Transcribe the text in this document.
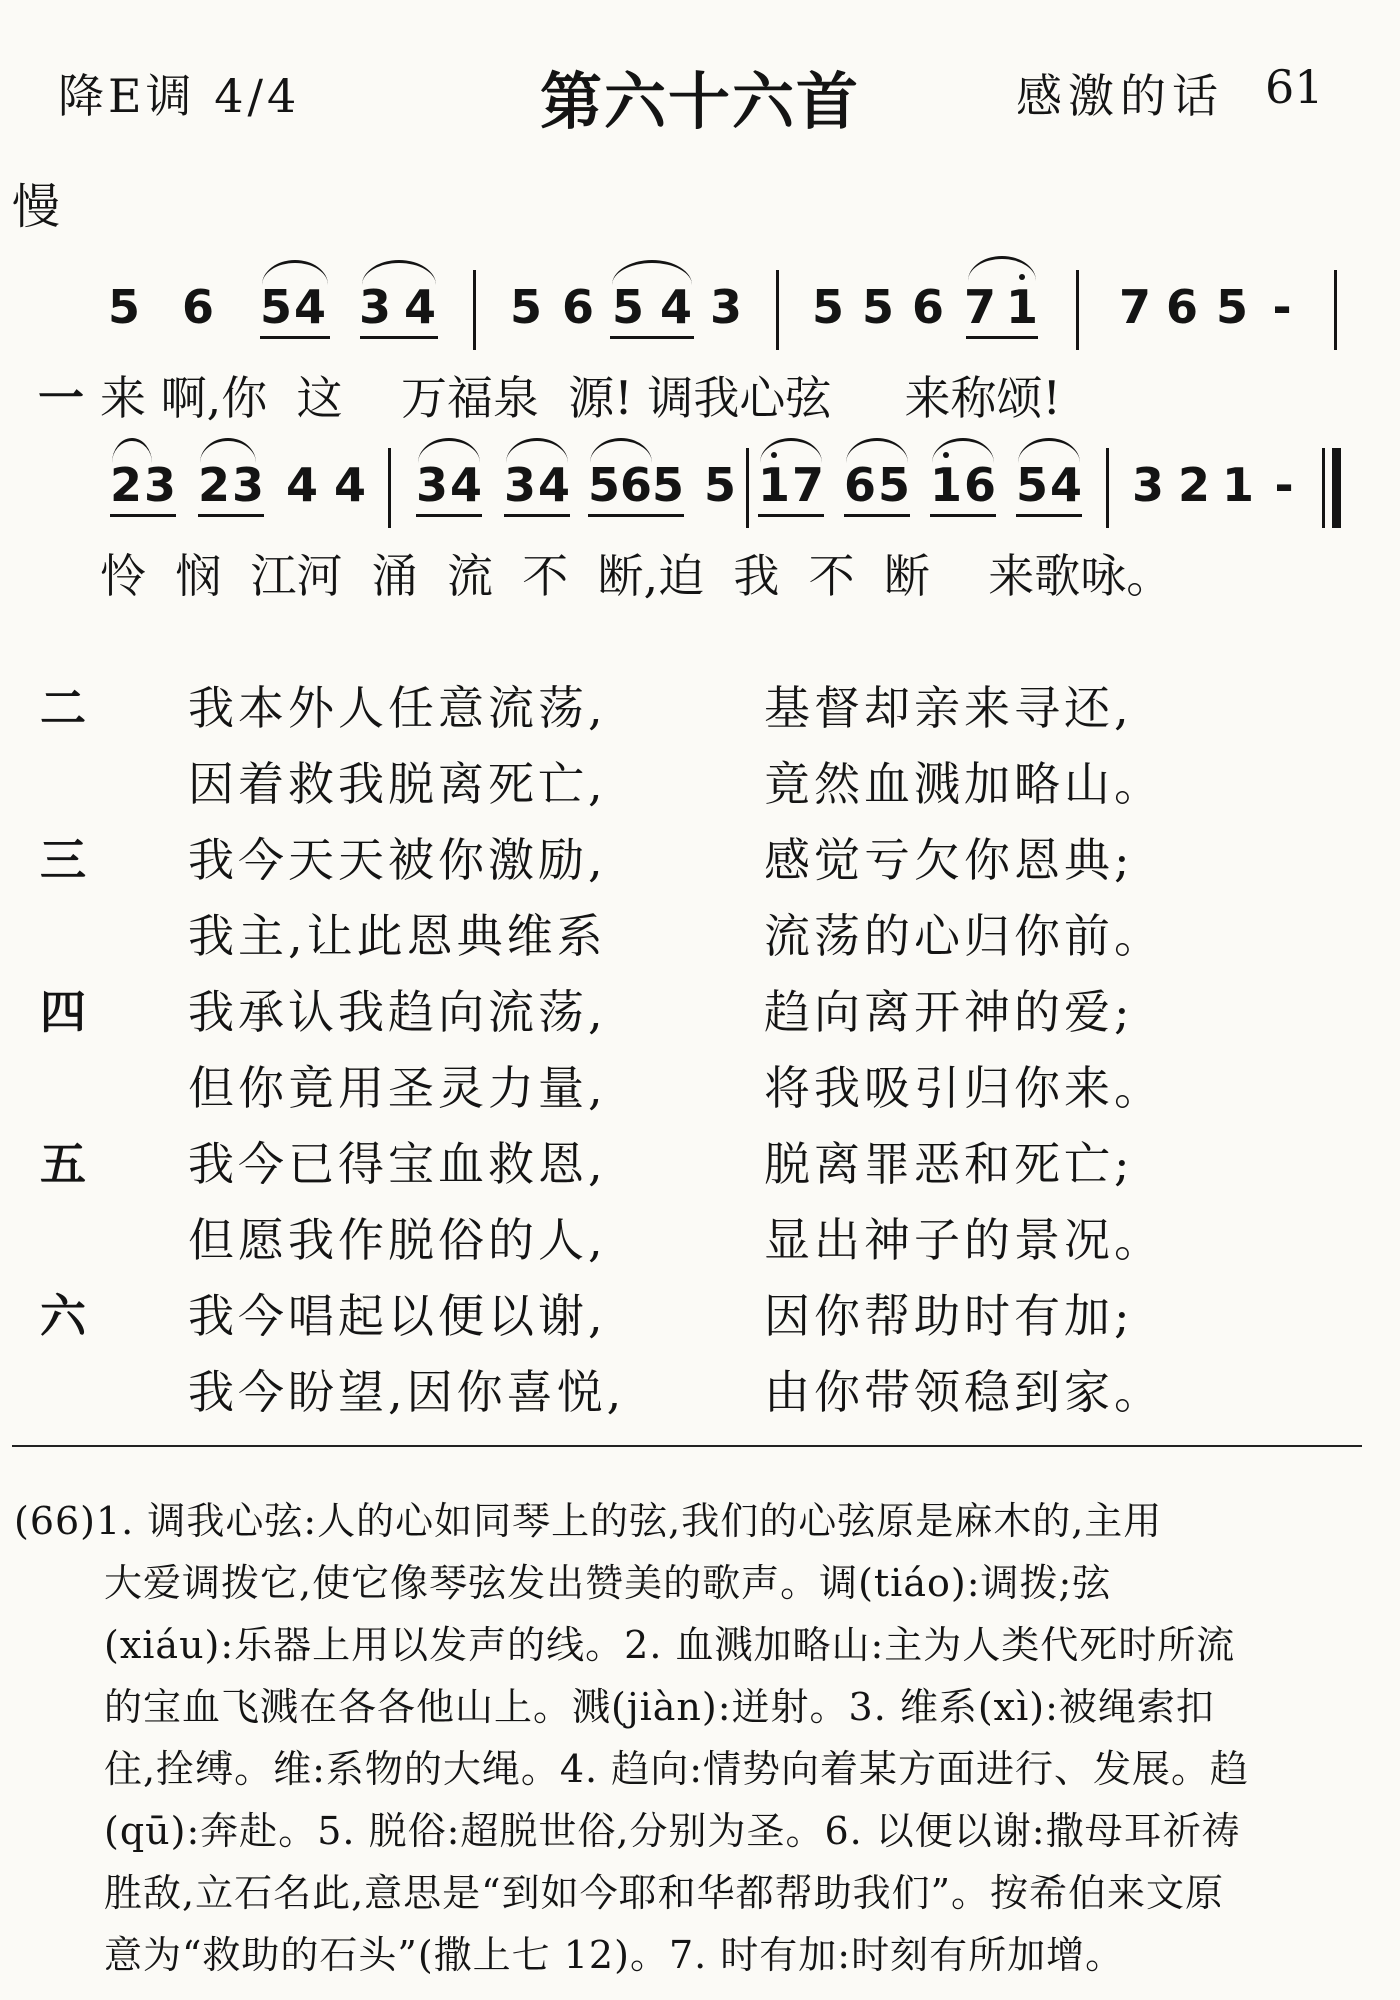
降E调 4/4	第六十六首	感激的话 61
慢
5 6 5 4 3 4 5 6 5 4 3 5 5 6 7 1 7 6 5 -
一 来 啊,你  这    万福泉  源! 调我心弦     来称颂!
2 3 2 3 4 4 3 4 3 4 5 6 5 5 1 7 6 5 1 6 5 4 3 2 1 -
怜  悯  江河  涌  流  不  断,迫  我  不  断    来歌咏。
二 我本外人任意流荡,	基督却亲来寻还,
因着救我脱离死亡,	竟然血溅加略山。
三 我今天天被你激励,	感觉亏欠你恩典;
我主,让此恩典维系	流荡的心归你前。
四 我承认我趋向流荡,	趋向离开神的爱;
但你竟用圣灵力量,	将我吸引归你来。
五 我今已得宝血救恩,	脱离罪恶和死亡;
但愿我作脱俗的人,	显出神子的景况。
六 我今唱起以便以谢,	因你帮助时有加;
我今盼望,因你喜悦,	由你带领稳到家。
(66)1. 调我心弦:人的心如同琴上的弦,我们的心弦原是麻木的,主用
大爱调拨它,使它像琴弦发出赞美的歌声。调(tiáo):调拨;弦
(xiáu):乐器上用以发声的线。2. 血溅加略山:主为人类代死时所流
的宝血飞溅在各各他山上。溅(jiàn):迸射。3. 维系(xì):被绳索扣
住,拴缚。维:系物的大绳。4. 趋向:情势向着某方面进行、发展。趋
(qū):奔赴。5. 脱俗:超脱世俗,分别为圣。6. 以便以谢:撒母耳祈祷
胜敌,立石名此,意思是“到如今耶和华都帮助我们”。按希伯来文原
意为“救助的石头”(撒上七 12)。7. 时有加:时刻有所加增。
